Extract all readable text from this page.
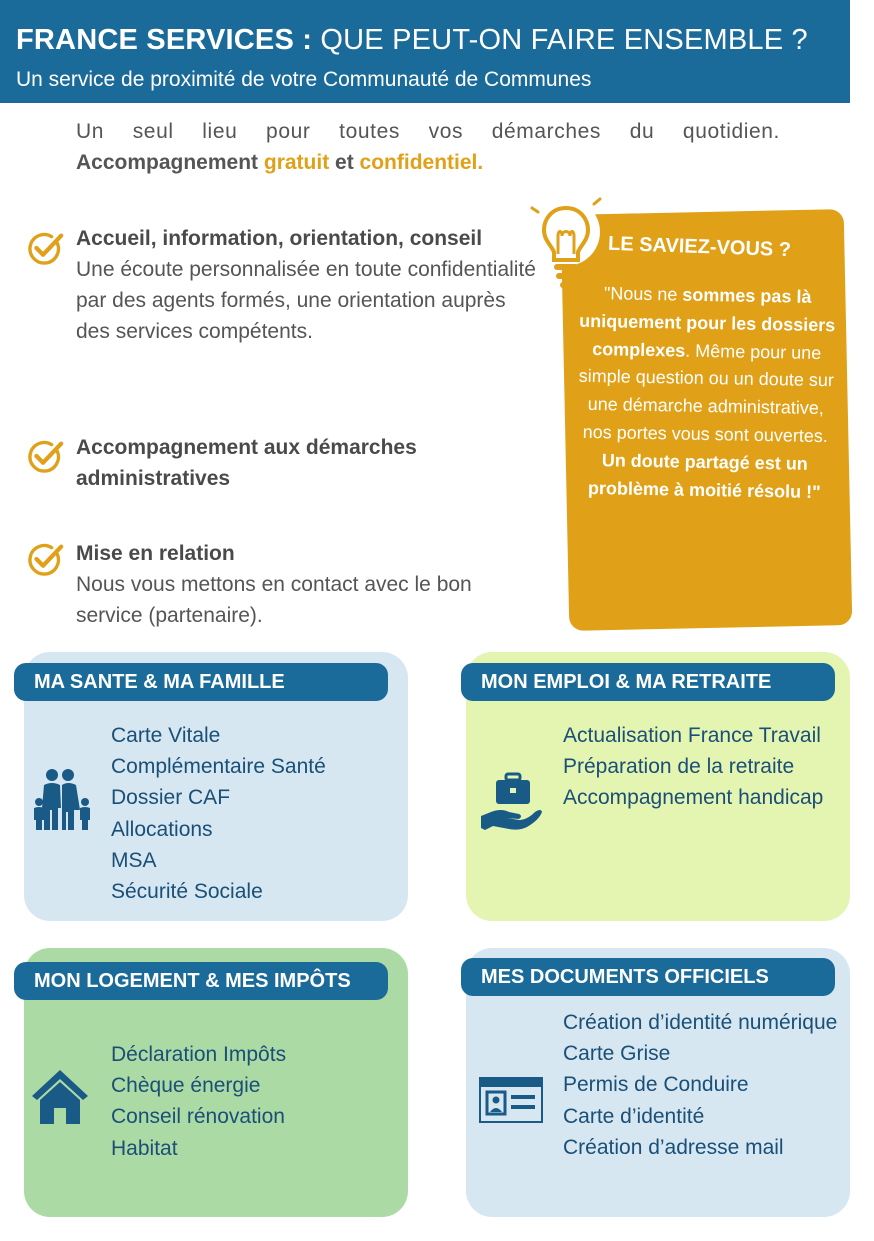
FRANCE SERVICES : QUE PEUT-ON FAIRE ENSEMBLE ?
Un service de proximité de votre Communauté de Communes
Un seul lieu pour toutes vos démarches du quotidien.
Accompagnement gratuit et confidentiel.
Accueil, information, orientation, conseil
Une écoute personnalisée en toute confidentialité par des agents formés, une orientation auprès des services compétents.
Accompagnement aux démarches administratives
Mise en relation
Nous vous mettons en contact avec le bon service (partenaire).
LE SAVIEZ-VOUS ?
"Nous ne sommes pas là uniquement pour les dossiers complexes. Même pour une simple question ou un doute sur une démarche administrative, nos portes vous sont ouvertes. Un doute partagé est un problème à moitié résolu !"
MA SANTE & MA FAMILLE
Carte Vitale
Complémentaire Santé
Dossier CAF
Allocations
MSA
Sécurité Sociale
MON EMPLOI & MA RETRAITE
Actualisation France Travail
Préparation de la retraite
Accompagnement handicap
MON LOGEMENT & MES IMPÔTS
Déclaration Impôts
Chèque énergie
Conseil rénovation
Habitat
MES DOCUMENTS OFFICIELS
Création d’identité numérique
Carte Grise
Permis de Conduire
Carte d’identité
Création d’adresse mail
